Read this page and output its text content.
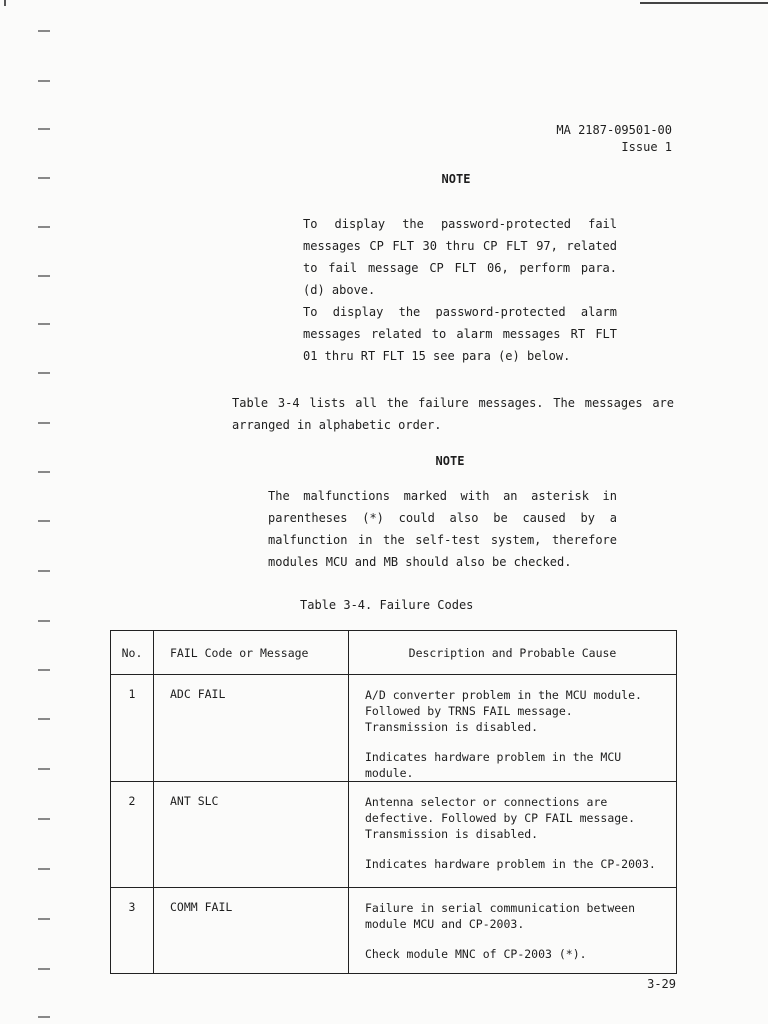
MA 2187-09501-00
Issue 1
NOTE
To display the password-protected fail
messages CP FLT 30 thru CP FLT 97, related
to fail message CP FLT 06, perform para.
(d) above.
To display the password-protected alarm
messages related to alarm messages RT FLT
01 thru RT FLT 15 see para (e) below.
Table 3-4 lists all the failure messages. The messages are
arranged in alphabetic order.
NOTE
The malfunctions marked with an asterisk in
parentheses (*) could also be caused by a
malfunction in the self-test system, therefore
modules MCU and MB should also be checked.
Table 3-4. Failure Codes
No.	FAIL Code or Message	Description and Probable Cause
1	ADC FAIL	A/D converter problem in the MCU module.
Followed by TRNS FAIL message.
Transmission is disabled.
Indicates hardware problem in the MCU module.

2	ANT SLC	Antenna selector or connections are
defective. Followed by CP FAIL message.
Transmission is disabled.
Indicates hardware problem in the CP-2003.

3	COMM FAIL	Failure in serial communication between
module MCU and CP-2003.
Check module MNC of CP-2003 (*).
3-29
